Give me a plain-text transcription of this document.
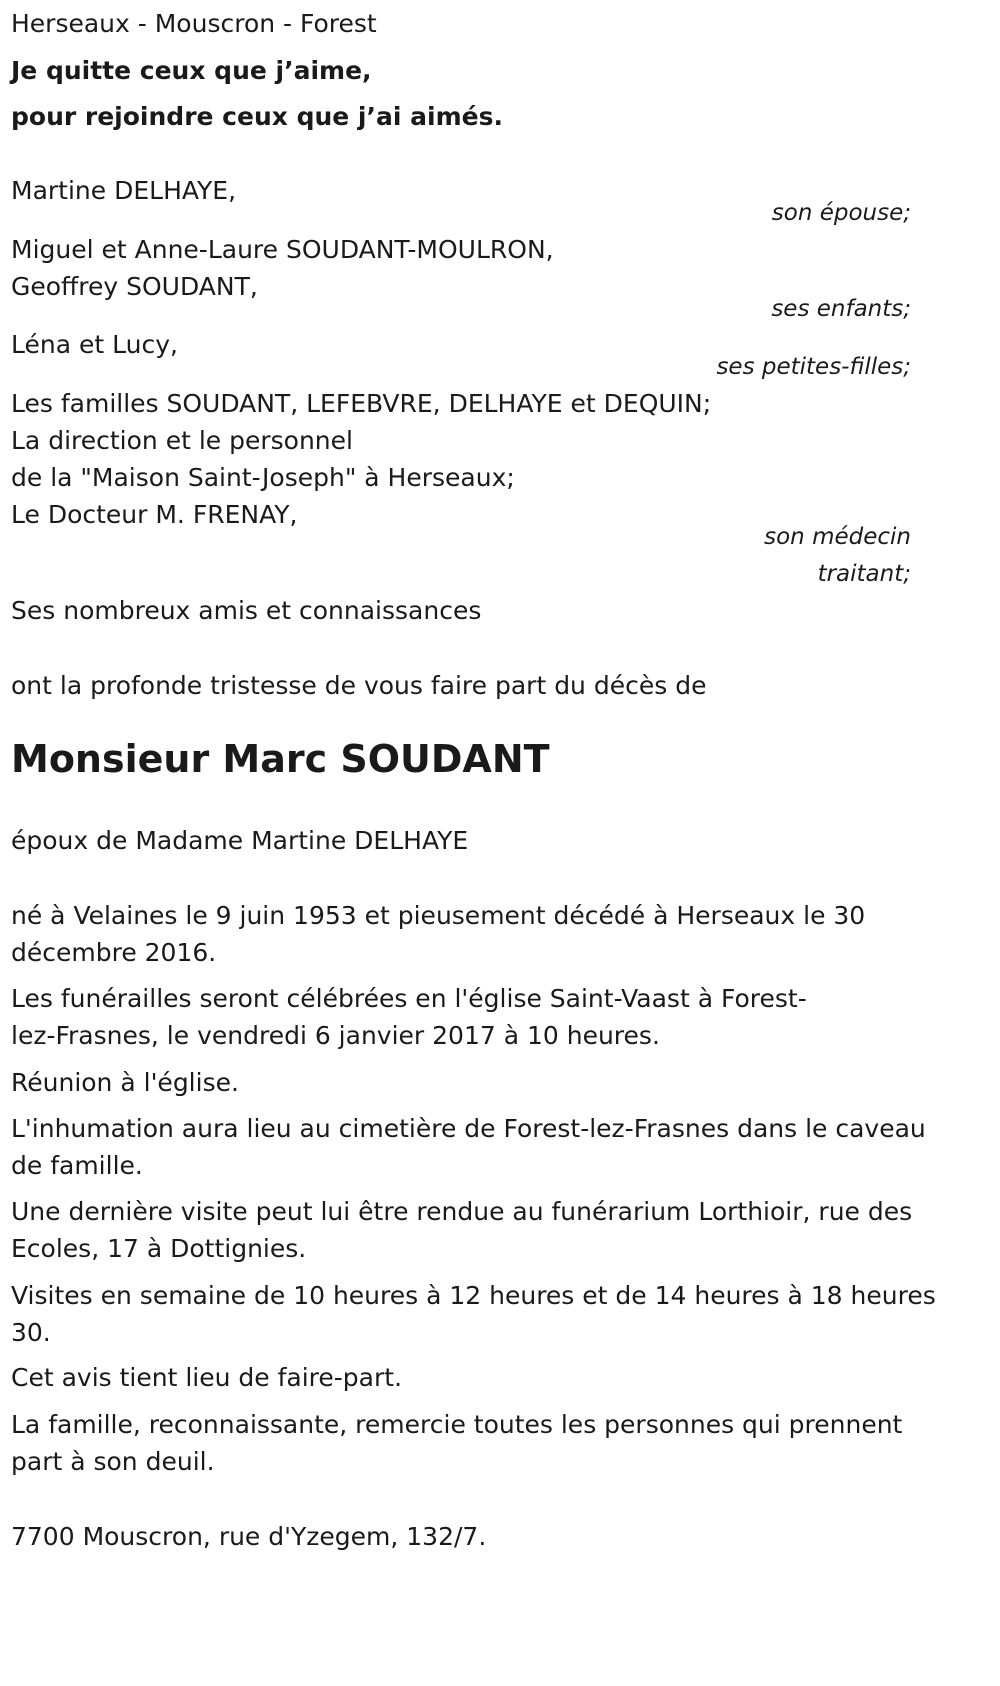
Herseaux - Mouscron - Forest
Je quitte ceux que j’aime,
pour rejoindre ceux que j’ai aimés.
Martine DELHAYE,
son épouse;
Miguel et Anne-Laure SOUDANT-MOULRON,
Geoffrey SOUDANT,
ses enfants;
Léna et Lucy,
ses petites-filles;
Les familles SOUDANT, LEFEBVRE, DELHAYE et DEQUIN;
La direction et le personnel
de la "Maison Saint-Joseph" à Herseaux;
Le Docteur M. FRENAY,
son médecin
traitant;
Ses nombreux amis et connaissances
ont la profonde tristesse de vous faire part du décès de
Monsieur Marc SOUDANT
époux de Madame Martine DELHAYE
né à Velaines le 9 juin 1953 et pieusement décédé à Herseaux le 30
décembre 2016.
Les funérailles seront célébrées en l'église Saint-Vaast à Forest-
lez-Frasnes, le vendredi 6 janvier 2017 à 10 heures.
Réunion à l'église.
L'inhumation aura lieu au cimetière de Forest-lez-Frasnes dans le caveau
de famille.
Une dernière visite peut lui être rendue au funérarium Lorthioir, rue des
Ecoles, 17 à Dottignies.
Visites en semaine de 10 heures à 12 heures et de 14 heures à 18 heures
30.
Cet avis tient lieu de faire-part.
La famille, reconnaissante, remercie toutes les personnes qui prennent
part à son deuil.
7700 Mouscron, rue d'Yzegem, 132/7.
